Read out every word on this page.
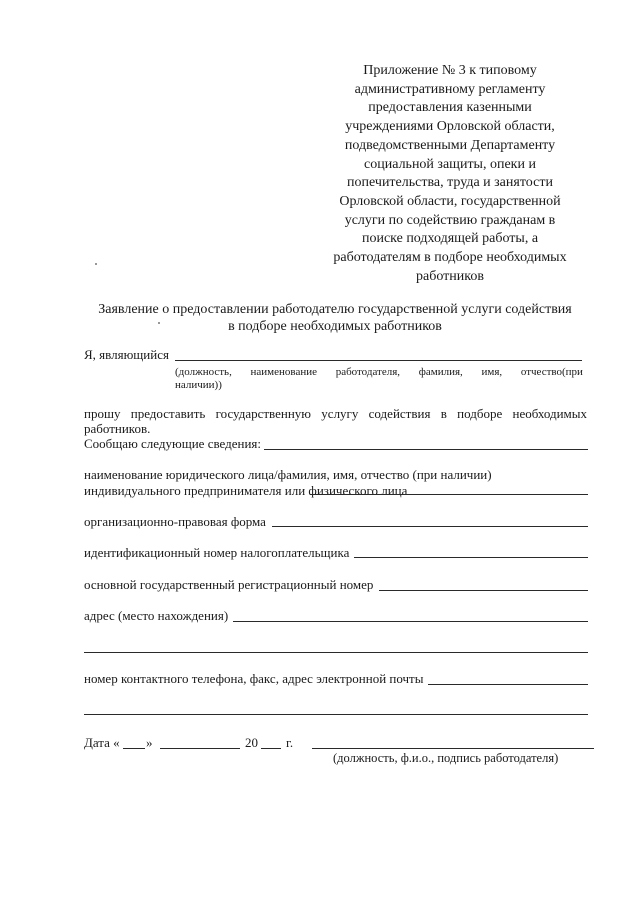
Приложение № 3 к типовому
административному регламенту
предоставления казенными
учреждениями Орловской области,
подведомственными Департаменту
социальной защиты, опеки и
попечительства, труда и занятости
Орловской области, государственной
услуги по содействию гражданам в
поиске подходящей работы, а
работодателям в подборе необходимых
работников
Заявление о предоставлении работодателю государственной услуги содействия
в подборе необходимых работников
Я, являющийся
(должность, наименование работодателя, фамилия, имя, отчество(при
наличии))
прошу предоставить государственную услугу содействия в подборе необходимых
работников.
Сообщаю следующие сведения:
наименование юридического лица/фамилия, имя, отчество (при наличии)
индивидуального предпринимателя или физического лица
организационно-правовая форма
идентификационный номер налогоплательщика
основной государственный регистрационный номер
адрес (место нахождения)
номер контактного телефона, факс, адрес электронной почты
Дата « »	20 г.
(должность, ф.и.о., подпись работодателя)
